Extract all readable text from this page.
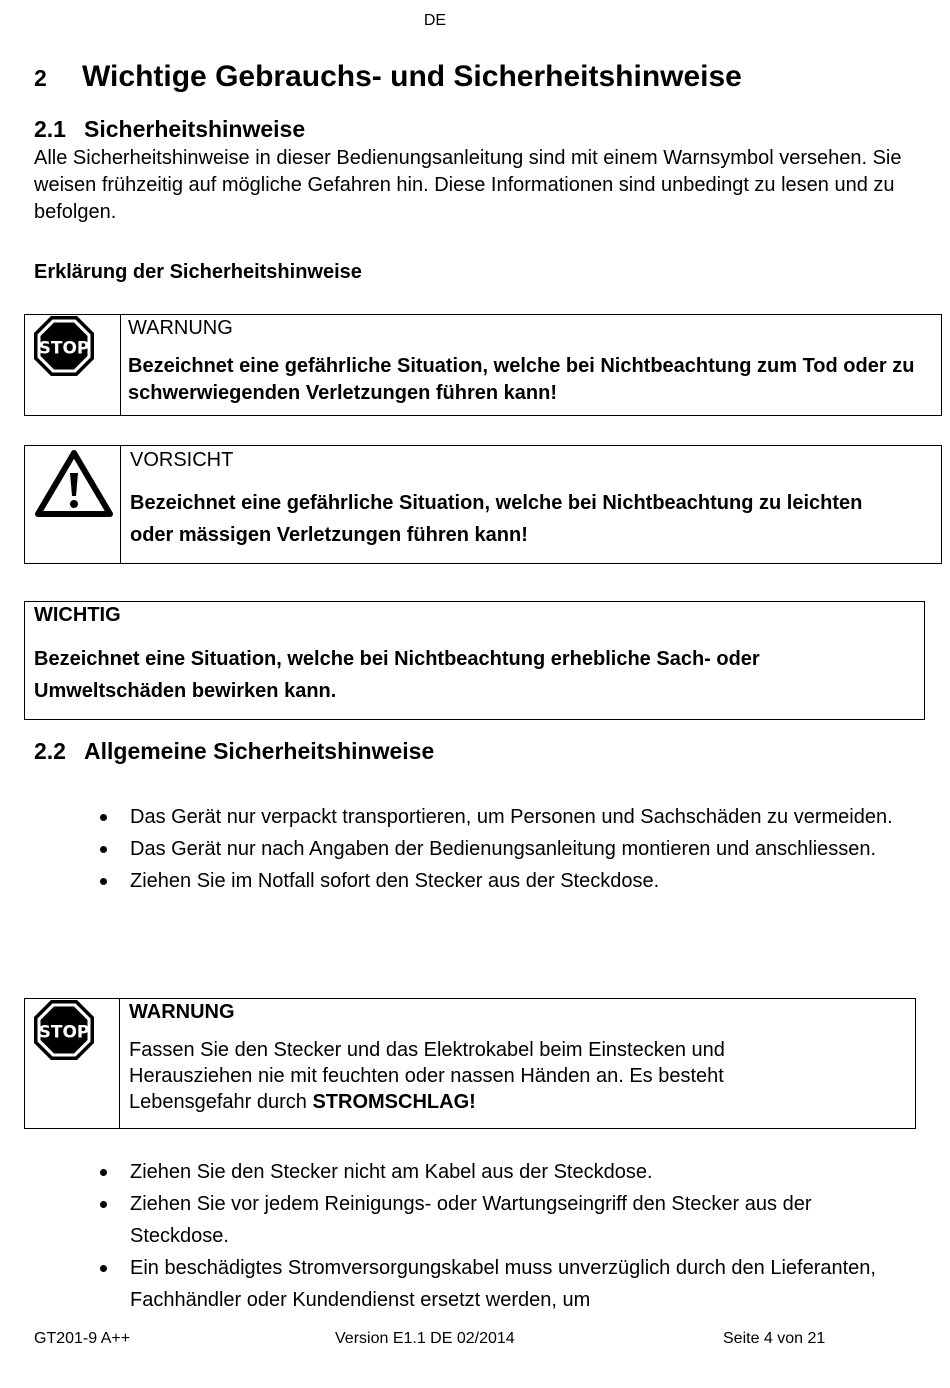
DE
2 Wichtige Gebrauchs- und Sicherheitshinweise
2.1 Sicherheitshinweise
Alle Sicherheitshinweise in dieser Bedienungsanleitung sind mit einem Warnsymbol versehen. Sie weisen frühzeitig auf mögliche Gefahren hin. Diese Informationen sind unbedingt zu lesen und zu befolgen.
Erklärung der Sicherheitshinweise
STOP
WARNUNG
Bezeichnet eine gefährliche Situation, welche bei Nichtbeachtung zum Tod oder zu schwerwiegenden Verletzungen führen kann!
VORSICHT
Bezeichnet eine gefährliche Situation, welche bei Nichtbeachtung zu leichten oder mässigen Verletzungen führen kann!
WICHTIG
Bezeichnet eine Situation, welche bei Nichtbeachtung erhebliche Sach- oder Umweltschäden bewirken kann.
2.2 Allgemeine Sicherheitshinweise
Das Gerät nur verpackt transportieren, um Personen und Sachschäden zu vermeiden.
Das Gerät nur nach Angaben der Bedienungsanleitung montieren und anschliessen.
Ziehen Sie im Notfall sofort den Stecker aus der Steckdose.
STOP
WARNUNG
Fassen Sie den Stecker und das Elektrokabel beim Einstecken und Herausziehen nie mit feuchten oder nassen Händen an. Es besteht Lebensgefahr durch STROMSCHLAG!
Ziehen Sie den Stecker nicht am Kabel aus der Steckdose.
Ziehen Sie vor jedem Reinigungs- oder Wartungseingriff den Stecker aus der Steckdose.
Ein beschädigtes Stromversorgungskabel muss unverzüglich durch den Lieferanten, Fachhändler oder Kundendienst ersetzt werden, um
GT201-9 A++	Version E1.1 DE 02/2014	Seite 4 von 21
